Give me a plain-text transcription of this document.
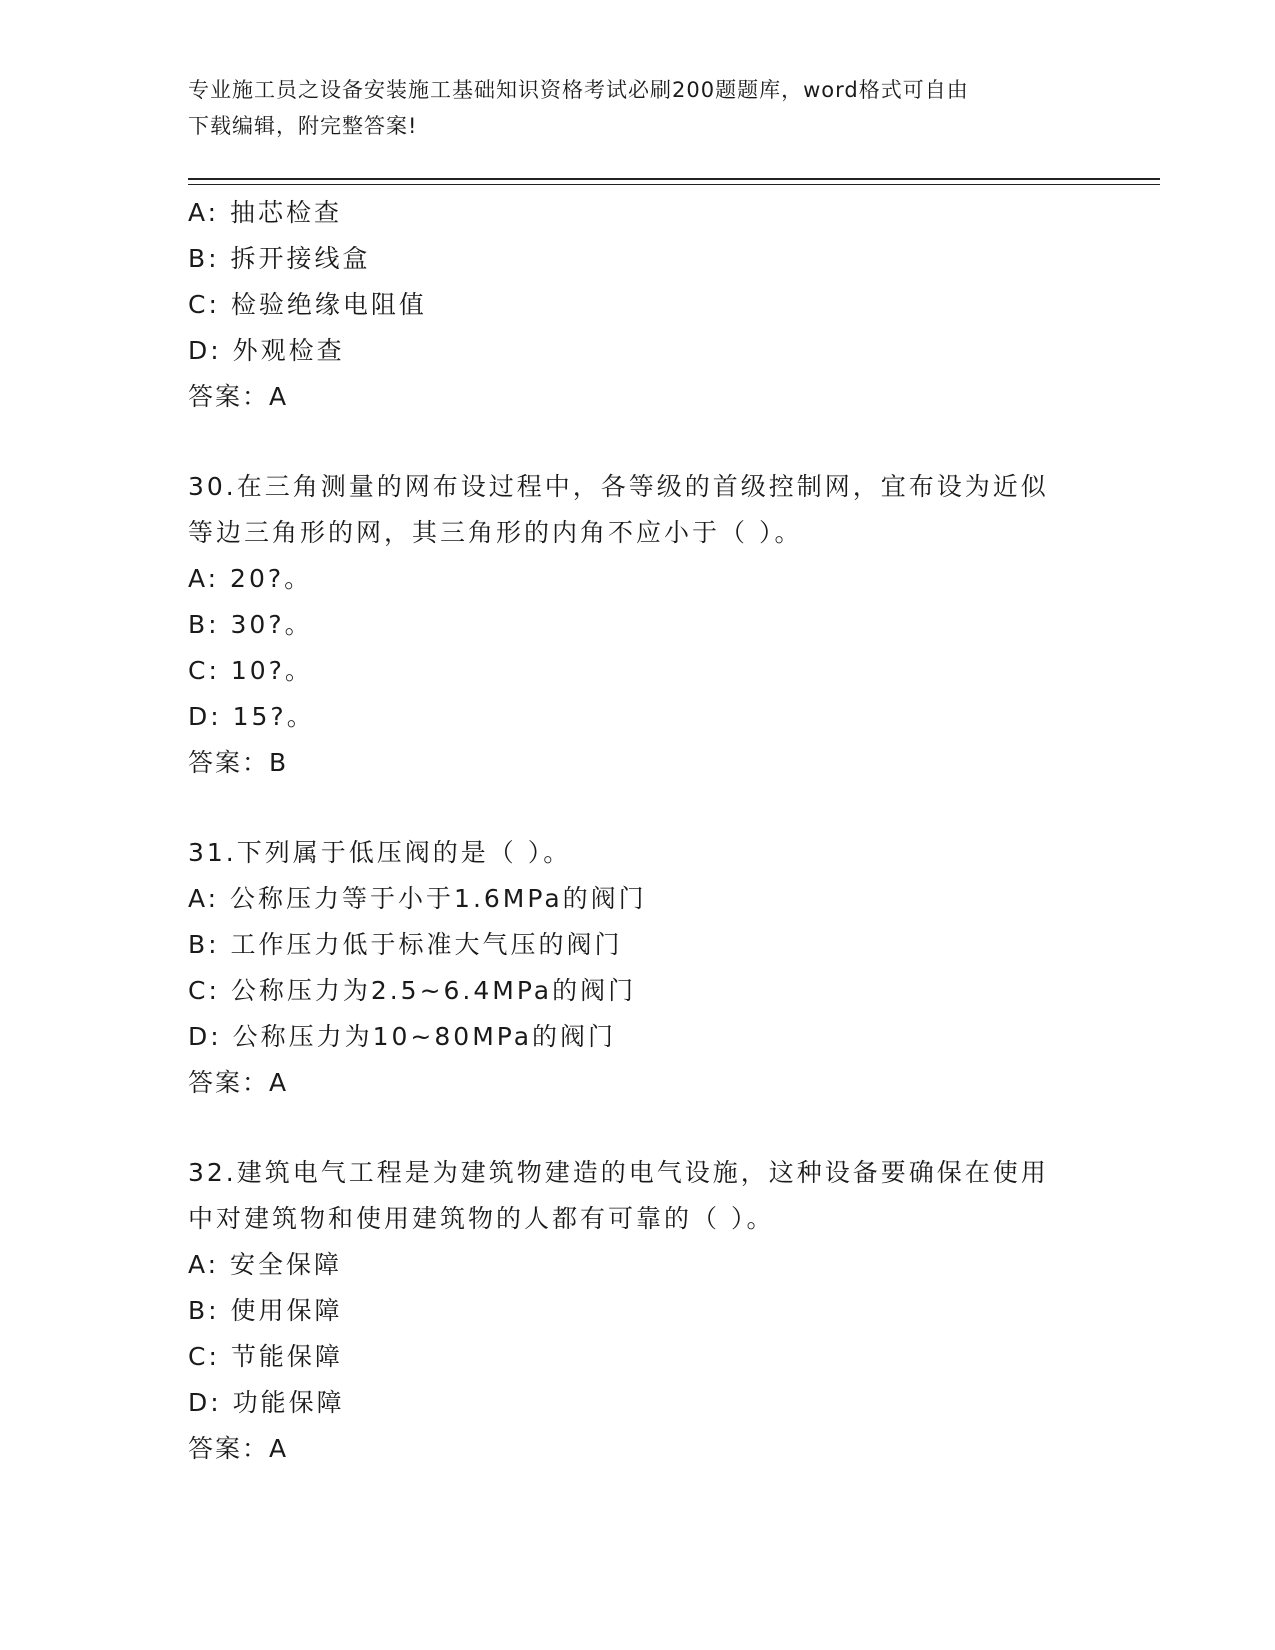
专业施工员之设备安装施工基础知识资格考试必刷200题题库，word格式可自由
下载编辑，附完整答案!
A: 抽芯检查
B: 拆开接线盒
C: 检验绝缘电阻值
D: 外观检查
答案：A
30.在三角测量的网布设过程中，各等级的首级控制网，宜布设为近似
等边三角形的网，其三角形的内角不应小于（ ）。
A: 20?。
B: 30?。
C: 10?。
D: 15?。
答案：B
31.下列属于低压阀的是（ ）。
A: 公称压力等于小于1.6MPa的阀门
B: 工作压力低于标准大气压的阀门
C: 公称压力为2.5~6.4MPa的阀门
D: 公称压力为10~80MPa的阀门
答案：A
32.建筑电气工程是为建筑物建造的电气设施，这种设备要确保在使用
中对建筑物和使用建筑物的人都有可靠的（ ）。
A: 安全保障
B: 使用保障
C: 节能保障
D: 功能保障
答案：A
